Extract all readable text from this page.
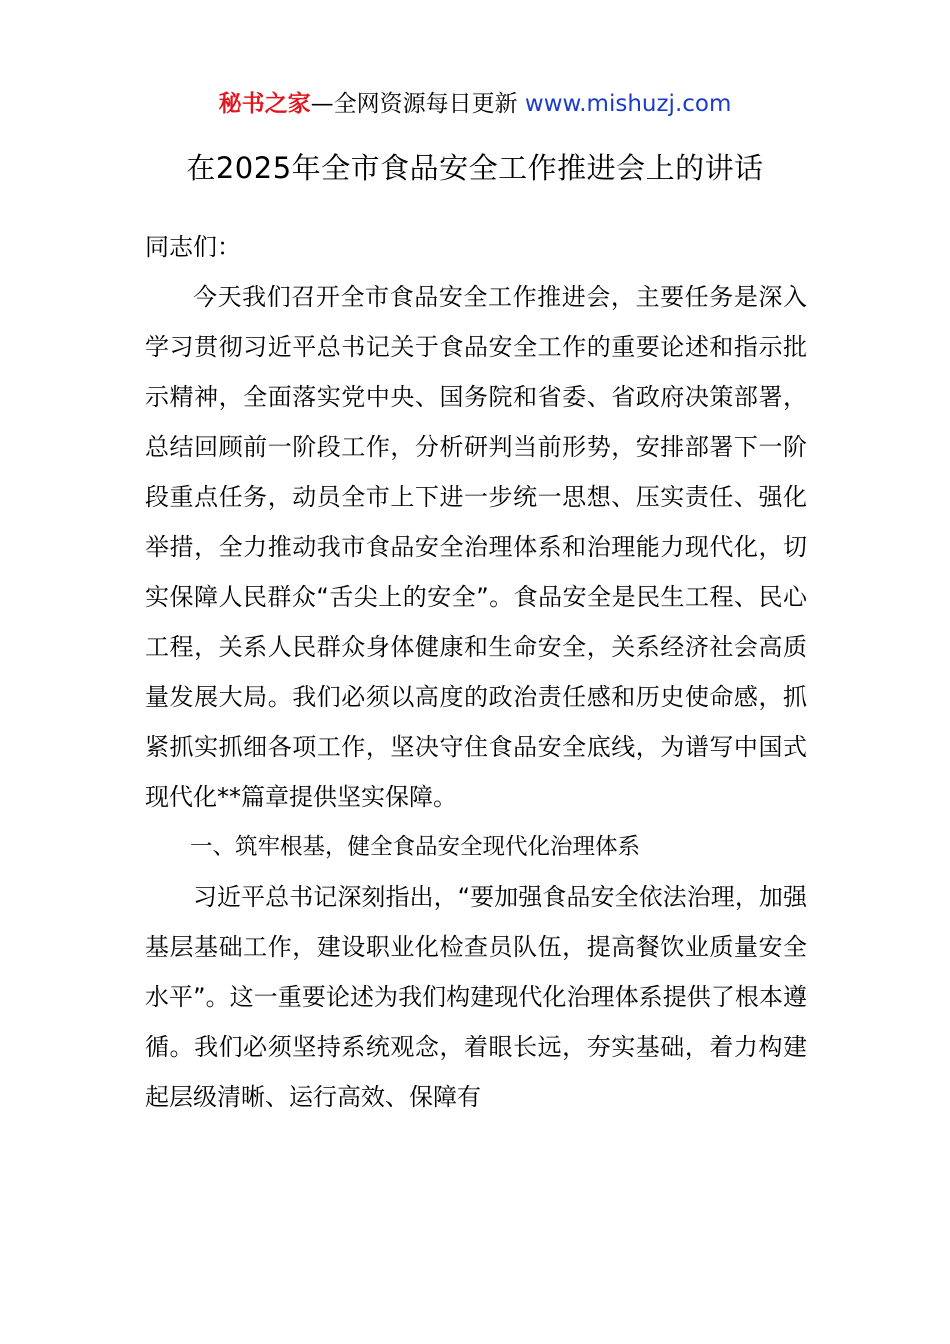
秘书之家—全网资源每日更新 www.mishuzj.com
在2025年全市食品安全工作推进会上的讲话

同志们：

今天我们召开全市食品安全工作推进会，主要任务是深入学习贯彻习近平总书记关于食品安全工作的重要论述和指示批示精神，全面落实党中央、国务院和省委、省政府决策部署，总结回顾前一阶段工作，分析研判当前形势，安排部署下一阶段重点任务，动员全市上下进一步统一思想、压实责任、强化举措，全力推动我市食品安全治理体系和治理能力现代化，切实保障人民群众“舌尖上的安全”。食品安全是民生工程、民心工程，关系人民群众身体健康和生命安全，关系经济社会高质量发展大局。我们必须以高度的政治责任感和历史使命感，抓紧抓实抓细各项工作，坚决守住食品安全底线，为谱写中国式现代化**篇章提供坚实保障。

一、筑牢根基，健全食品安全现代化治理体系

习近平总书记深刻指出，“要加强食品安全依法治理，加强基层基础工作，建设职业化检查员队伍，提高餐饮业质量安全水平”。这一重要论述为我们构建现代化治理体系提供了根本遵循。我们必须坚持系统观念，着眼长远，夯实基础，着力构建起层级清晰、运行高效、保障有
